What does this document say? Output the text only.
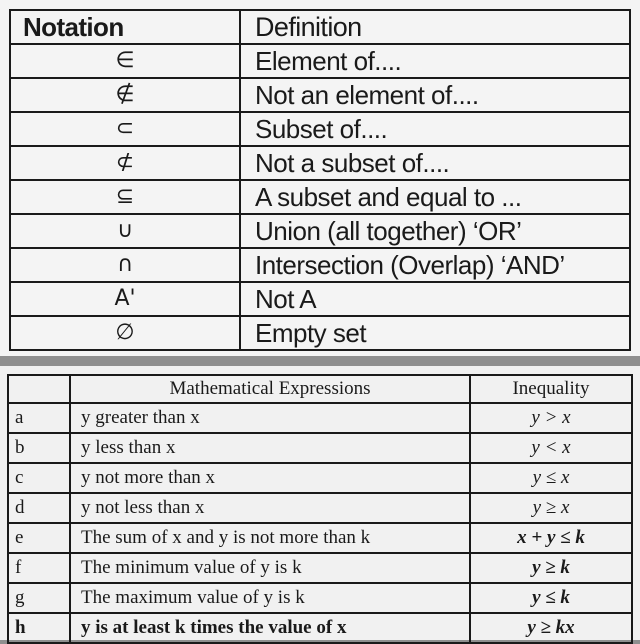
Notation	Definition
∈	Element of....
∉	Not an element of....
⊂	Subset of....
⊄	Not a subset of....
⊆	A subset and equal to ...
∪	Union (all together) ‘OR’
∩	Intersection (Overlap) ‘AND’
A'	Not A
∅	Empty set
	Mathematical Expressions	Inequality
a	y greater than x	y > x
b	y less than x	y < x
c	y not more than x	y ≤ x
d	y not less than x	y ≥ x
e	The sum of x and y is not more than k	x + y ≤ k
f	The minimum value of y is k	y ≥ k
g	The maximum value of y is k	y ≤ k
h	y is at least k times the value of x	y ≥ kx
